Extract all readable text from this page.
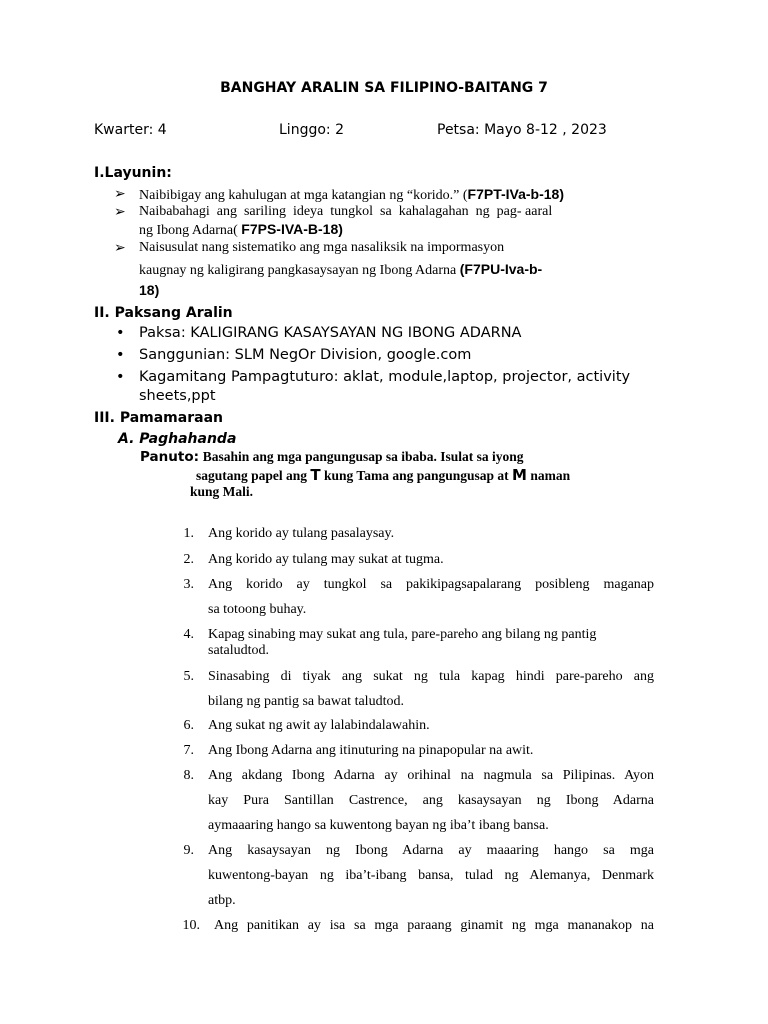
BANGHAY ARALIN SA FILIPINO-BAITANG 7
Kwarter: 4	Linggo: 2	Petsa: Mayo 8-12 , 2023
I.Layunin:
➢ Naibibigay ang kahulugan at mga katangian ng “korido.” (F7PT-IVa-b-18)
➢ Naibabahagi  ang  sariling  ideya  tungkol  sa  kahalagahan  ng  pag- aaral
ng Ibong Adarna( F7PS-IVA-B-18)
➢ Naisusulat nang sistematiko ang mga nasaliksik na impormasyon
kaugnay ng kaligirang pangkasaysayan ng Ibong Adarna (F7PU-Iva-b-
18)
II. Paksang Aralin
• Paksa: KALIGIRANG KASAYSAYAN NG IBONG ADARNA
• Sanggunian: SLM NegOr Division, google.com
• Kagamitang Pampagtuturo: aklat, module,laptop, projector, activity
sheets,ppt
III. Pamamaraan
A. Paghahanda
Panuto: Basahin ang mga pangungusap sa ibaba. Isulat sa iyong
sagutang papel ang T kung Tama ang pangungusap at M naman
kung Mali.
1. Ang korido ay tulang pasalaysay.
2. Ang korido ay tulang may sukat at tugma.
3. Ang korido ay tungkol sa pakikipagsapalarang posibleng maganap
sa totoong buhay.
4. Kapag sinabing may sukat ang tula, pare-pareho ang bilang ng pantig
sataludtod.
5. Sinasabing di tiyak ang sukat ng tula kapag hindi pare-pareho ang
bilang ng pantig sa bawat taludtod.
6. Ang sukat ng awit ay lalabindalawahin.
7. Ang Ibong Adarna ang itinuturing na pinapopular na awit.
8. Ang akdang Ibong Adarna ay orihinal na nagmula sa Pilipinas. Ayon
kay Pura Santillan Castrence, ang kasaysayan ng Ibong Adarna
aymaaaring hango sa kuwentong bayan ng iba’t ibang bansa.
9. Ang kasaysayan ng Ibong Adarna ay maaaring hango sa mga
kuwentong-bayan ng iba’t-ibang bansa, tulad ng Alemanya, Denmark
atbp.
10. Ang panitikan ay isa sa mga paraang ginamit ng mga mananakop na
